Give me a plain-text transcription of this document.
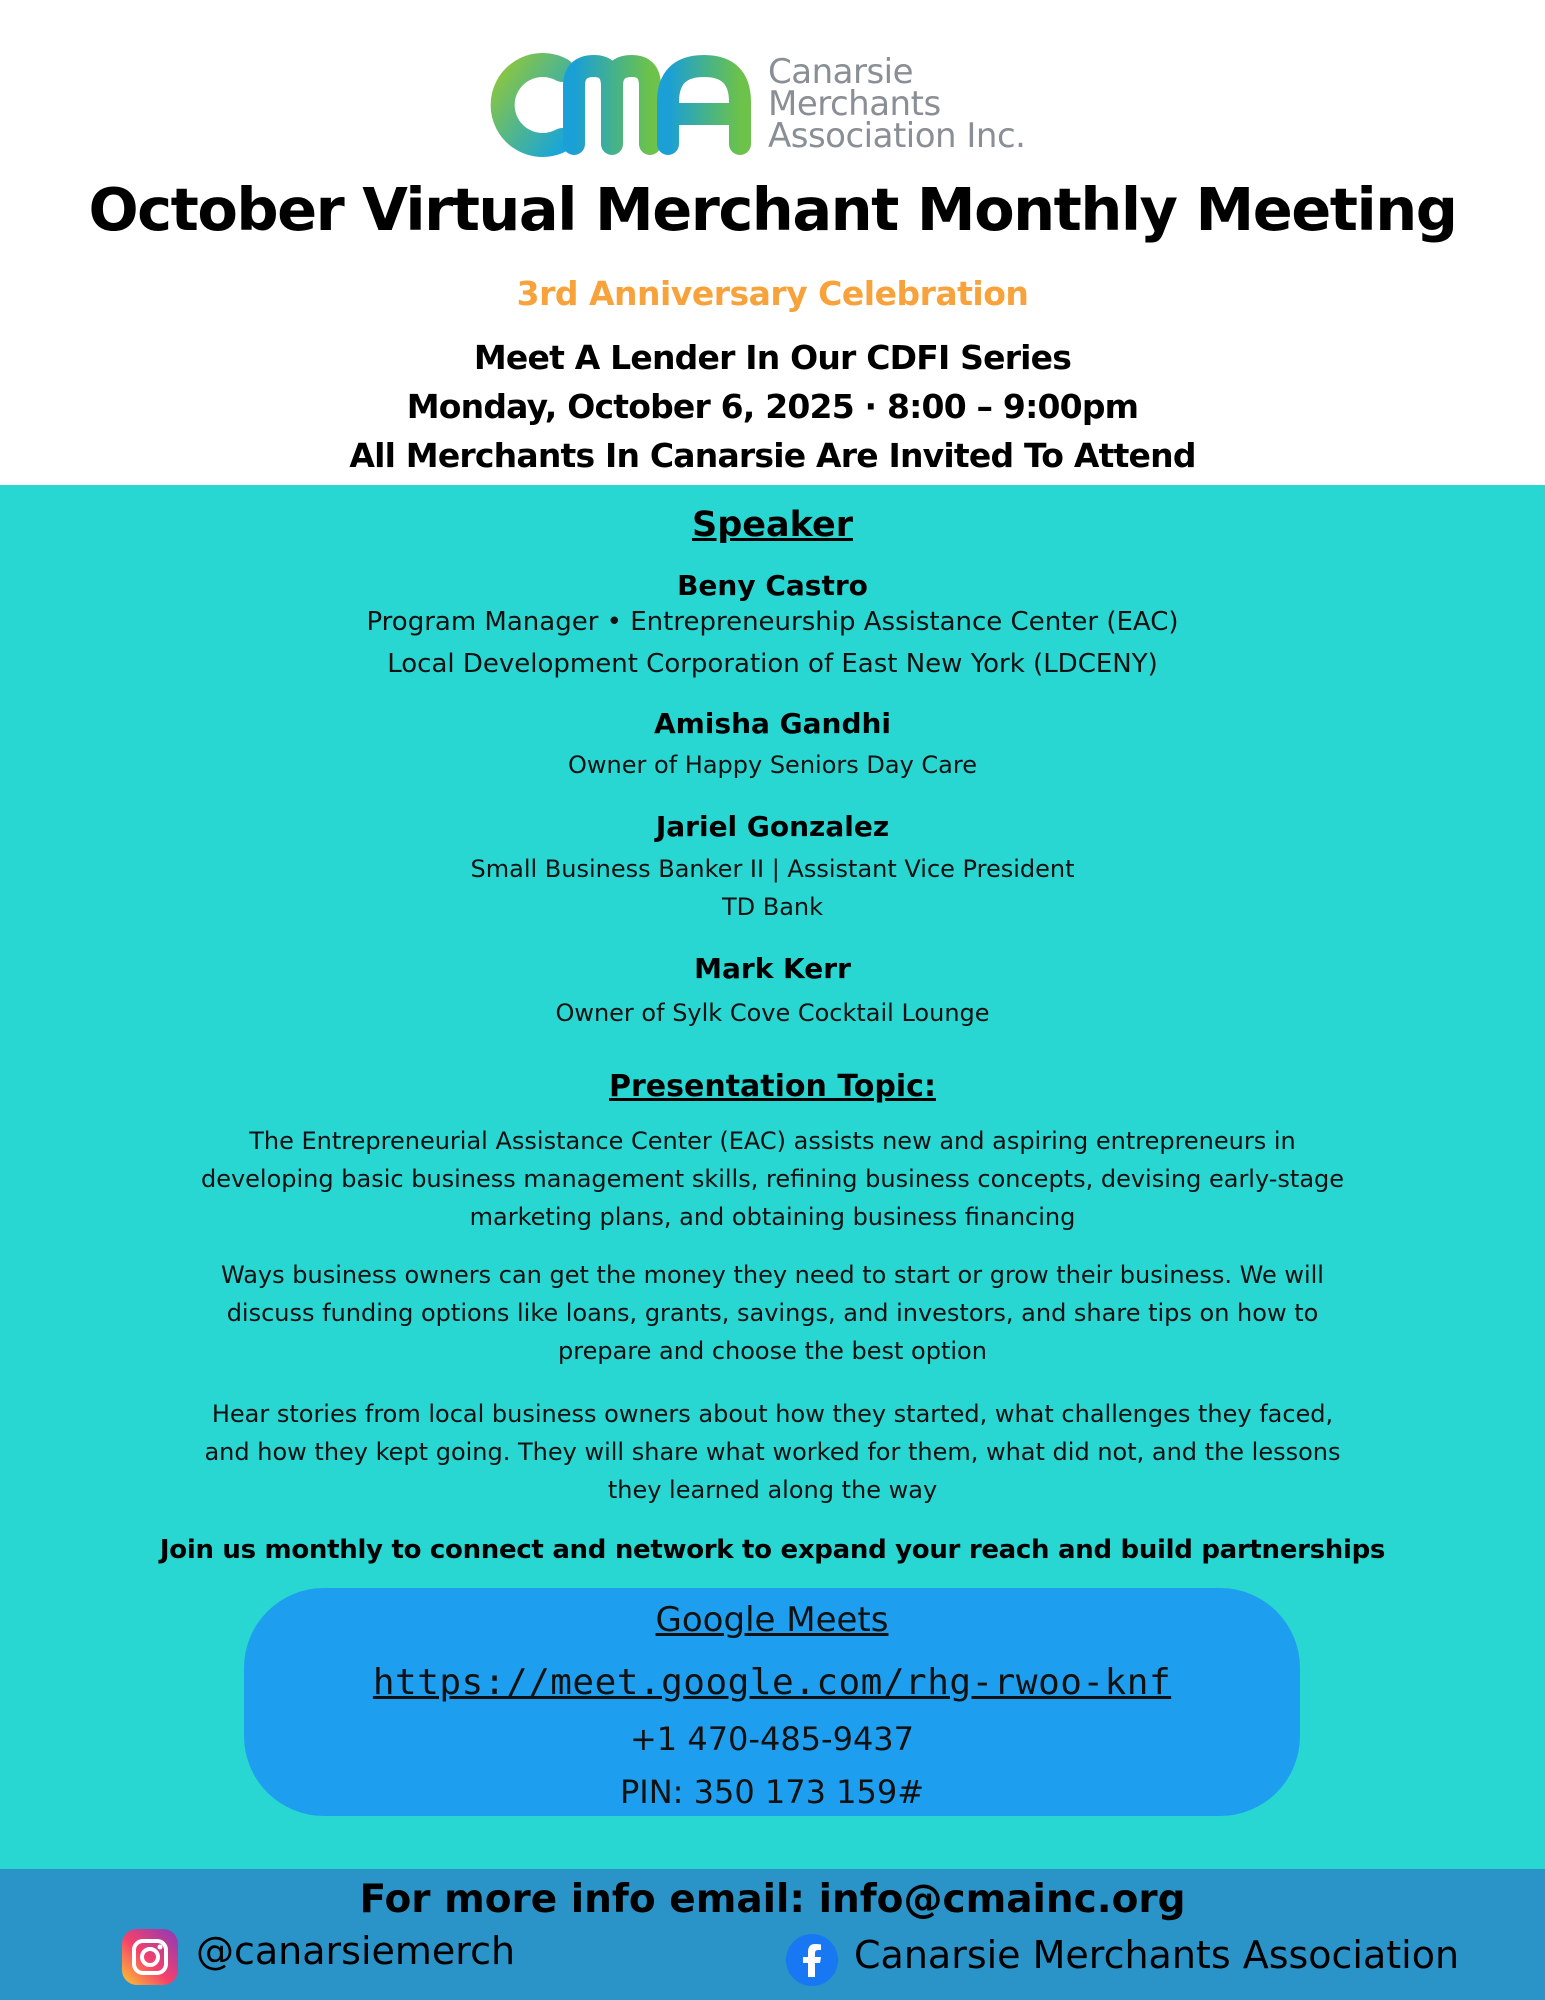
Canarsie
Merchants
Association Inc.
October Virtual Merchant Monthly Meeting
3rd Anniversary Celebration
Meet A Lender In Our CDFI Series
Monday, October 6, 2025 · 8:00 – 9:00pm
All Merchants In Canarsie Are Invited To Attend
Speaker
Beny Castro
Program Manager • Entrepreneurship Assistance Center (EAC)
Local Development Corporation of East New York (LDCENY)
Amisha Gandhi
Owner of Happy Seniors Day Care
Jariel Gonzalez
Small Business Banker II | Assistant Vice President
TD Bank
Mark Kerr
Owner of Sylk Cove Cocktail Lounge
Presentation Topic:
The Entrepreneurial Assistance Center (EAC) assists new and aspiring entrepreneurs in developing basic business management skills, refining business concepts, devising early-stage marketing plans, and obtaining business financing
Ways business owners can get the money they need to start or grow their business. We will discuss funding options like loans, grants, savings, and investors, and share tips on how to prepare and choose the best option
Hear stories from local business owners about how they started, what challenges they faced, and how they kept going. They will share what worked for them, what did not, and the lessons they learned along the way
Join us monthly to connect and network to expand your reach and build partnerships
Google Meets
https://meet.google.com/rhg-rwoo-knf
+1 470-485-9437
PIN: 350 173 159#
For more info email: info@cmainc.org
@canarsiemerch	Canarsie Merchants Association
